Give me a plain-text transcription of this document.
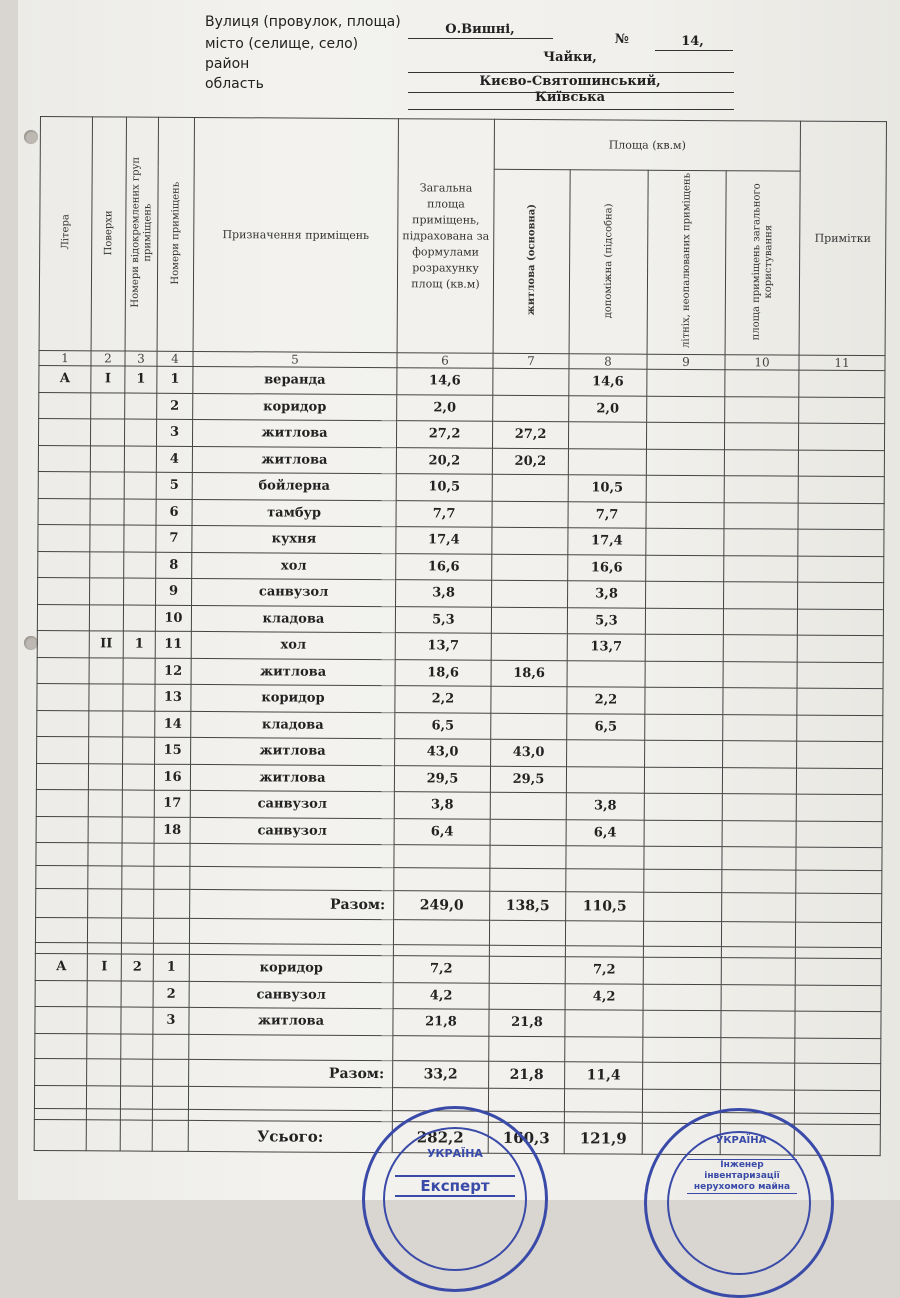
Вулиця (провулок, площа)
місто (селище, село)
район
область
О.Вишні,
№	14,
Чайки,
Києво-Святошинський,
Київська
Літера	Поверхи	Номери відокремлених груп приміщень	Номери приміщень	Призначення приміщень	Загальна площа приміщень, підрахована за формулами розрахунку площ (кв.м)	Площа (кв.м)				Примітки
						житлова (основна)	допоміжна (підсобна)	літніх, неопалюваних приміщень	площа приміщень загального користування	
1	2	3	4	5	6	7	8	9	10	11
А	I	1	1	веранда	14,6		14,6			
			2	коридор	2,0		2,0			
			3	житлова	27,2	27,2				
			4	житлова	20,2	20,2				
			5	бойлерна	10,5		10,5			
			6	тамбур	7,7		7,7			
			7	кухня	17,4		17,4			
			8	хол	16,6		16,6			
			9	санвузол	3,8		3,8			
			10	кладова	5,3		5,3			
	II	1	11	хол	13,7		13,7			
			12	житлова	18,6	18,6				
			13	коридор	2,2		2,2			
			14	кладова	6,5		6,5			
			15	житлова	43,0	43,0				
			16	житлова	29,5	29,5				
			17	санвузол	3,8		3,8			
			18	санвузол	6,4		6,4			

				Разом:	249,0	138,5	110,5			

А	I	2	1	коридор	7,2		7,2			
			2	санвузол	4,2		4,2			
			3	житлова	21,8	21,8				

				Разом:	33,2	21,8	11,4			

				Усього:	282,2	160,3	121,9			
УКРАЇНА
Експерт
УКРАЇНА
Інженер інвентаризації нерухомого майна
